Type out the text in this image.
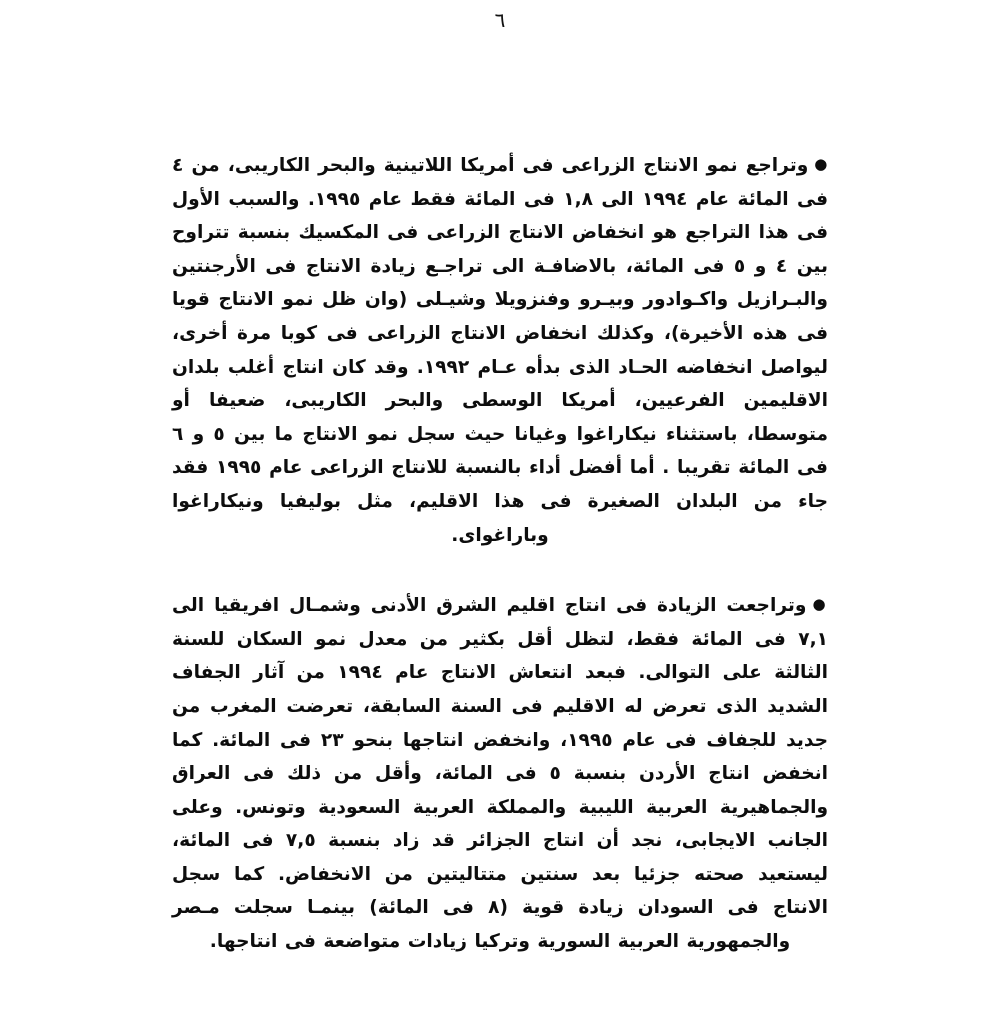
٦

●وتراجع نمو الانتاج الزراعى فى أمريكا اللاتينية والبحر الكاريبى، من ٤ فى المائة عام ١٩٩٤ الى ١,٨ فى المائة فقط عام ١٩٩٥. والسبب الأول فى هذا التراجع هو انخفاض الانتاج الزراعى فى المكسيك بنسبة تتراوح بين ٤ و ٥ فى المائة، بالاضافـة الى تراجـع زيادة الانتاج فى الأرجنتين والبـرازيل واكـوادور وبيـرو وفنزويلا وشيـلى (وان ظل نمو الانتاج قويا فى هذه الأخيرة)، وكذلك انخفاض الانتاج الزراعى فى كوبا مرة أخرى، ليواصل انخفاضه الحـاد الذى بدأه عـام ١٩٩٢. وقد كان انتاج أغلب بلدان الاقليمين الفرعيين، أمريكا الوسطى والبحر الكاريبى، ضعيفا أو متوسطا، باستثناء نيكاراغوا وغيانا حيث سجل نمو الانتاج ما بين ٥ و ٦ فى المائة تقريبا . أما أفضل أداء بالنسبة للانتاج الزراعى عام ١٩٩٥ فقد جاء من البلدان الصغيرة فى هذا الاقليم، مثل بوليفيا ونيكاراغوا وباراغواى.

●وتراجعت الزيادة فى انتاج اقليم الشرق الأدنى وشمـال افريقيا الى ٧,١ فى المائة فقط، لتظل أقل بكثير من معدل نمو السكان للسنة الثالثة على التوالى. فبعد انتعاش الانتاج عام ١٩٩٤ من آثار الجفاف الشديد الذى تعرض له الاقليم فى السنة السابقة، تعرضت المغرب من جديد للجفاف فى عام ١٩٩٥، وانخفض انتاجها بنحو ٢٣ فى المائة. كما انخفض انتاج الأردن بنسبة ٥ فى المائة، وأقل من ذلك فى العراق والجماهيرية العربية الليبية والمملكة العربية السعودية وتونس. وعلى الجانب الايجابى، نجد أن انتاج الجزائر قد زاد بنسبة ٧,٥ فى المائة، ليستعيد صحته جزئيا بعد سنتين متتاليتين من الانخفاض. كما سجل الانتاج فى السودان زيادة قوية (٨ فى المائة) بينمـا سجلت مـصر والجمهورية العربية السورية وتركيا زيادات متواضعة فى انتاجها.
